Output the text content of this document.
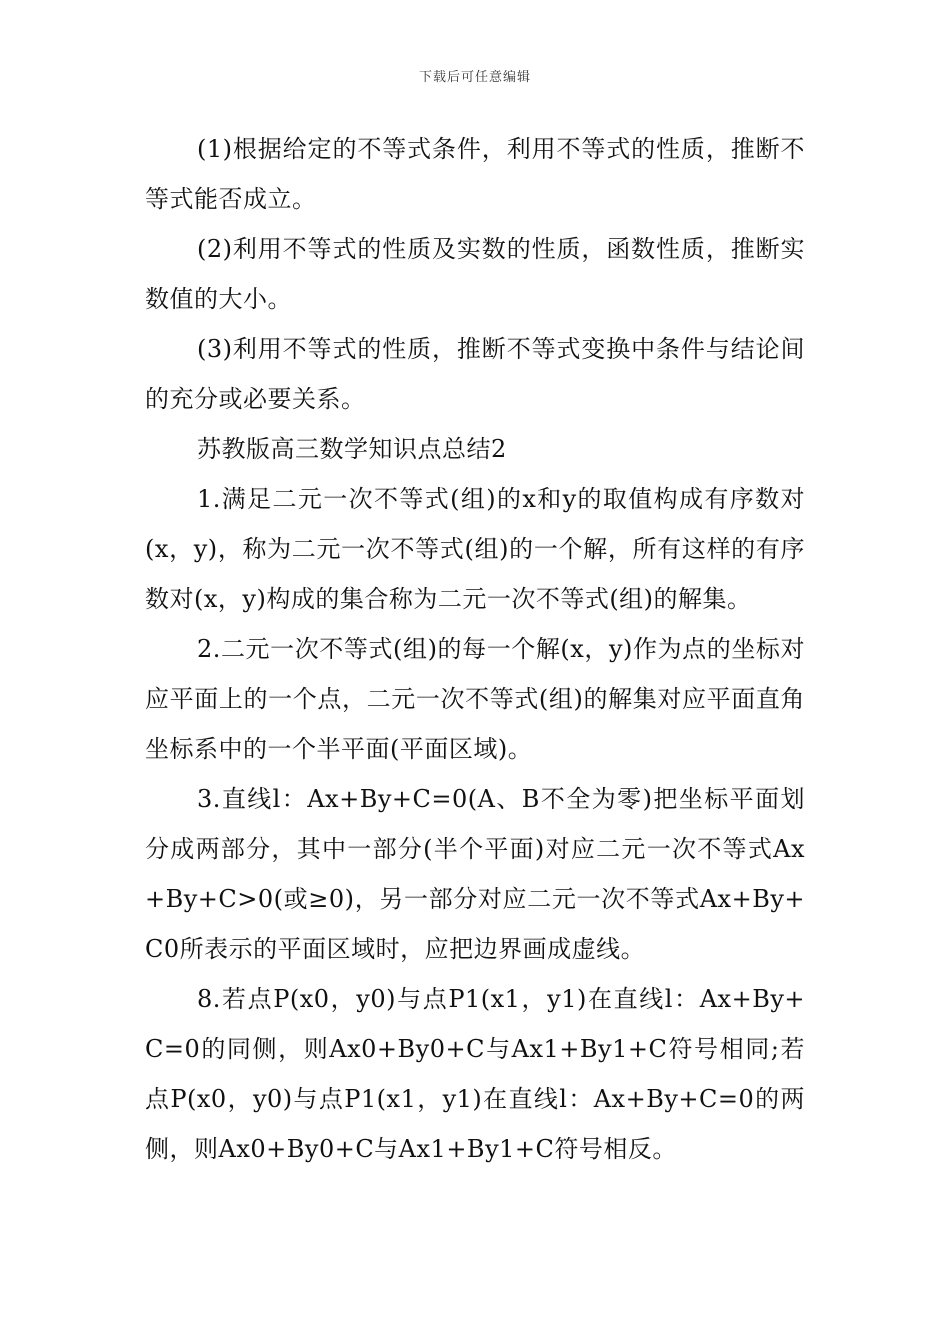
下载后可任意编辑

(1)根据给定的不等式条件，利用不等式的性质，推断不等式能否成立。

(2)利用不等式的性质及实数的性质，函数性质，推断实数值的大小。

(3)利用不等式的性质，推断不等式变换中条件与结论间的充分或必要关系。

苏教版高三数学知识点总结2

1.满足二元一次不等式(组)的x和y的取值构成有序数对(x，y)，称为二元一次不等式(组)的一个解，所有这样的有序数对(x，y)构成的集合称为二元一次不等式(组)的解集。

2.二元一次不等式(组)的每一个解(x，y)作为点的坐标对应平面上的一个点，二元一次不等式(组)的解集对应平面直角坐标系中的一个半平面(平面区域)。

3.直线l：Ax+By+C=0(A、B不全为零)把坐标平面划分成两部分，其中一部分(半个平面)对应二元一次不等式Ax+By+C>0(或≥0)，另一部分对应二元一次不等式Ax+By+C0所表示的平面区域时，应把边界画成虚线。

8.若点P(x0，y0)与点P1(x1，y1)在直线l：Ax+By+C=0的同侧，则Ax0+By0+C与Ax1+By1+C符号相同;若点P(x0，y0)与点P1(x1，y1)在直线l：Ax+By+C=0的两侧，则Ax0+By0+C与Ax1+By1+C符号相反。
